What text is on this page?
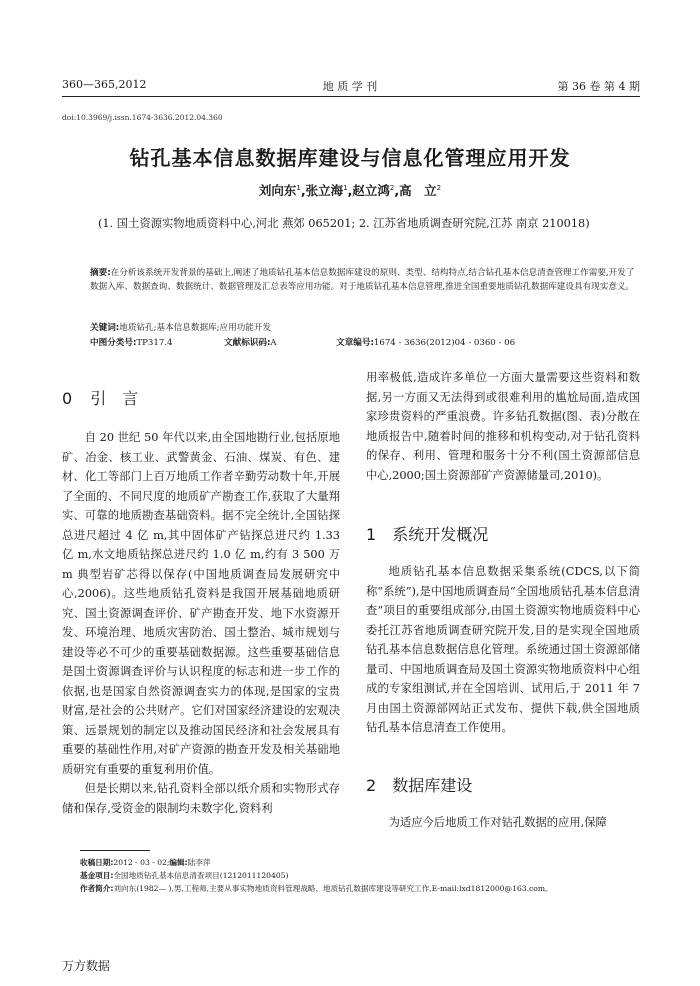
360—365,2012	地 质 学 刊	第 36 卷 第 4 期
doi:10.3969/j.issn.1674-3636.2012.04.360
钻孔基本信息数据库建设与信息化管理应用开发
刘向东$^1$,张立海$^1$,赵立鸿$^2$,高　立$^2$
(1. 国土资源实物地质资料中心,河北 燕郊 065201; 2. 江苏省地质调查研究院,江苏 南京 210018)
摘要:在分析该系统开发背景的基础上,阐述了地质钻孔基本信息数据库建设的原则、类型、结构特点,结合钻孔基本信息清查管理工作需要,开发了数据入库、数据查询、数据统计、数据管理及汇总表等应用功能。对于地质钻孔基本信息管理,推进全国重要地质钻孔数据库建设具有现实意义。
关键词:地质钻孔;基本信息数据库;应用功能开发
中图分类号:TP317.4	文献标识码:A	文章编号:1674 - 3636(2012)04 - 0360 - 06
0 引　言

自 20 世纪 50 年代以来,由全国地勘行业,包括原地矿、冶金、核工业、武警黄金、石油、煤炭、有色、建材、化工等部门上百万地质工作者辛勤劳动数十年,开展了全面的、不同尺度的地质矿产勘查工作,获取了大量翔实、可靠的地质勘查基础资料。据不完全统计,全国钻探总进尺超过 4 亿 m,其中固体矿产钻探总进尺约 1.33 亿 m,水文地质钻探总进尺约 1.0 亿 m,约有 3 500 万 m 典型岩矿芯得以保存(中国地质调查局发展研究中心,2006)。这些地质钻孔资料是我国开展基础地质研究、国土资源调查评价、矿产勘查开发、地下水资源开发、环境治理、地质灾害防治、国土整治、城市规划与建设等必不可少的重要基础数据源。这些重要基础信息是国土资源调查评价与认识程度的标志和进一步工作的依据,也是国家自然资源调查实力的体现,是国家的宝贵财富,是社会的公共财产。它们对国家经济建设的宏观决策、远景规划的制定以及推动国民经济和社会发展具有重要的基础性作用,对矿产资源的勘查开发及相关基础地质研究有重要的重复利用价值。

但是长期以来,钻孔资料全部以纸介质和实物形式存储和保存,受资金的限制均未数字化,资料利

用率极低,造成许多单位一方面大量需要这些资料和数据,另一方面又无法得到或很难利用的尴尬局面,造成国家珍贵资料的严重浪费。许多钻孔数据(图、表)分散在地质报告中,随着时间的推移和机构变动,对于钻孔资料的保存、利用、管理和服务十分不利(国土资源部信息中心,2000;国土资源部矿产资源储量司,2010)。

1 系统开发概况

地质钻孔基本信息数据采集系统(CDCS,以下简称“系统”),是中国地质调查局“全国地质钻孔基本信息清查”项目的重要组成部分,由国土资源实物地质资料中心委托江苏省地质调查研究院开发,目的是实现全国地质钻孔基本信息数据信息化管理。系统通过国土资源部储量司、中国地质调查局及国土资源实物地质资料中心组成的专家组测试,并在全国培训、试用后,于 2011 年 7 月由国土资源部网站正式发布、提供下载,供全国地质钻孔基本信息清查工作使用。

2 数据库建设

为适应今后地质工作对钻孔数据的应用,保障

收稿日期:2012 - 03 - 02;编辑:陆李萍
基金项目:全国地质钻孔基本信息清查项目(1212011120405)
作者简介:刘向东(1982— ),男,工程师,主要从事实物地质资料管理战略、地质钻孔数据库建设等研究工作,E-mail:lxd1812000@163.com。
万方数据
